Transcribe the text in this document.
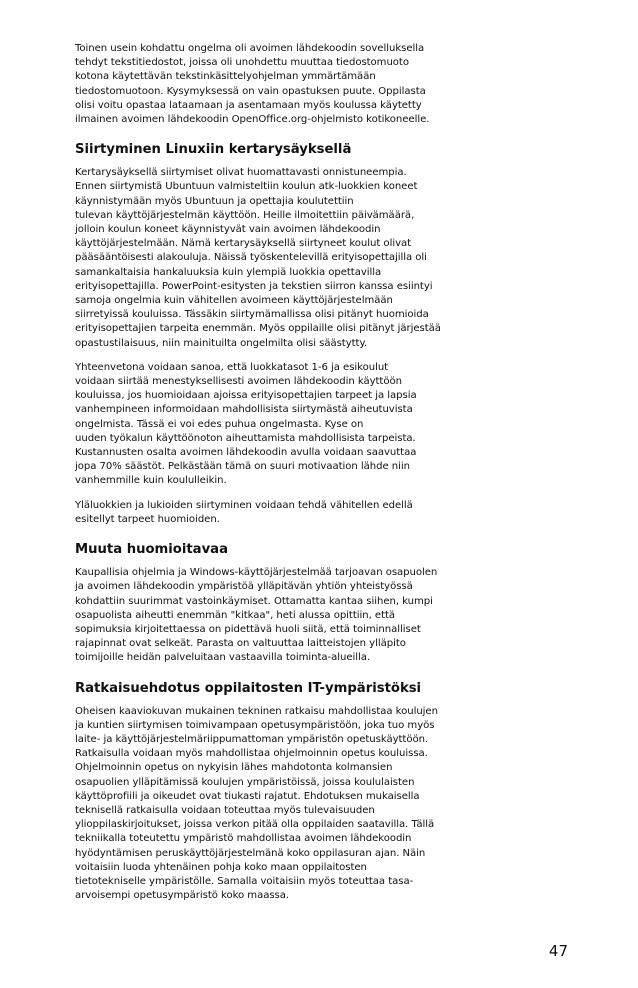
Toinen usein kohdattu ongelma oli avoimen lähdekoodin sovelluksella
tehdyt tekstitiedostot, joissa oli unohdettu muuttaa tiedostomuoto
kotona käytettävän tekstinkäsittelyohjelman ymmärtämään
tiedostomuotoon. Kysymyksessä on vain opastuksen puute. Oppilasta
olisi voitu opastaa lataamaan ja asentamaan myös koulussa käytetty
ilmainen avoimen lähdekoodin OpenOffice.org-ohjelmisto kotikoneelle.
Siirtyminen Linuxiin kertarysäyksellä
Kertarysäyksellä siirtymiset olivat huomattavasti onnistuneempia.
Ennen siirtymistä Ubuntuun valmisteltiin koulun atk-luokkien koneet
käynnistymään myös Ubuntuun ja opettajia koulutettiin
tulevan käyttöjärjestelmän käyttöön. Heille ilmoitettiin päivämäärä,
jolloin koulun koneet käynnistyvät vain avoimen lähdekoodin
käyttöjärjestelmään. Nämä kertarysäyksellä siirtyneet koulut olivat
pääsääntöisesti alakouluja. Näissä työskentelevillä erityisopettajilla oli
samankaltaisia hankaluuksia kuin ylempiä luokkia opettavilla
erityisopettajilla. PowerPoint-esitysten ja tekstien siirron kanssa esiintyi
samoja ongelmia kuin vähitellen avoimeen käyttöjärjestelmään
siirretyissä kouluissa. Tässäkin siirtymämallissa olisi pitänyt huomioida
erityisopettajien tarpeita enemmän. Myös oppilaille olisi pitänyt järjestää
opastustilaisuus, niin mainituilta ongelmilta olisi säästytty.
Yhteenvetona voidaan sanoa, että luokkatasot 1-6 ja esikoulut
voidaan siirtää menestyksellisesti avoimen lähdekoodin käyttöön
kouluissa, jos huomioidaan ajoissa erityisopettajien tarpeet ja lapsia
vanhempineen informoidaan mahdollisista siirtymästä aiheutuvista
ongelmista. Tässä ei voi edes puhua ongelmasta. Kyse on
uuden työkalun käyttöönoton aiheuttamista mahdollisista tarpeista.
Kustannusten osalta avoimen lähdekoodin avulla voidaan saavuttaa
jopa 70% säästöt. Pelkästään tämä on suuri motivaation lähde niin
vanhemmille kuin koululleikin.
Yläluokkien ja lukioiden siirtyminen voidaan tehdä vähitellen edellä
esitellyt tarpeet huomioiden.
Muuta huomioitavaa
Kaupallisia ohjelmia ja Windows-käyttöjärjestelmää tarjoavan osapuolen
ja avoimen lähdekoodin ympäristöä ylläpitävän yhtiön yhteistyössä
kohdattiin suurimmat vastoinkäymiset. Ottamatta kantaa siihen, kumpi
osapuolista aiheutti enemmän "kitkaa", heti alussa opittiin, että
sopimuksia kirjoitettaessa on pidettävä huoli siitä, että toiminnalliset
rajapinnat ovat selkeät. Parasta on valtuuttaa laitteistojen ylläpito
toimijoille heidän palveluitaan vastaavilla toiminta-alueilla.
Ratkaisuehdotus oppilaitosten IT-ympäristöksi
Oheisen kaaviokuvan mukainen tekninen ratkaisu mahdollistaa koulujen
ja kuntien siirtymisen toimivampaan opetusympäristöön, joka tuo myös
laite- ja käyttöjärjestelmäriippumattoman ympäristön opetuskäyttöön.
Ratkaisulla voidaan myös mahdollistaa ohjelmoinnin opetus kouluissa.
Ohjelmoinnin opetus on nykyisin lähes mahdotonta kolmansien
osapuolien ylläpitämissä koulujen ympäristöissä, joissa koululaisten
käyttöprofiili ja oikeudet ovat tiukasti rajatut. Ehdotuksen mukaisella
teknisellä ratkaisulla voidaan toteuttaa myös tulevaisuuden
ylioppilaskirjoitukset, joissa verkon pitää olla oppilaiden saatavilla. Tällä
tekniikalla toteutettu ympäristö mahdollistaa avoimen lähdekoodin
hyödyntämisen peruskäyttöjärjestelmänä koko oppilasuran ajan. Näin
voitaisiin luoda yhtenäinen pohja koko maan oppilaitosten
tietotekniselle ympäristölle. Samalla voitaisiin myös toteuttaa tasa-
arvoisempi opetusympäristö koko maassa.
47
